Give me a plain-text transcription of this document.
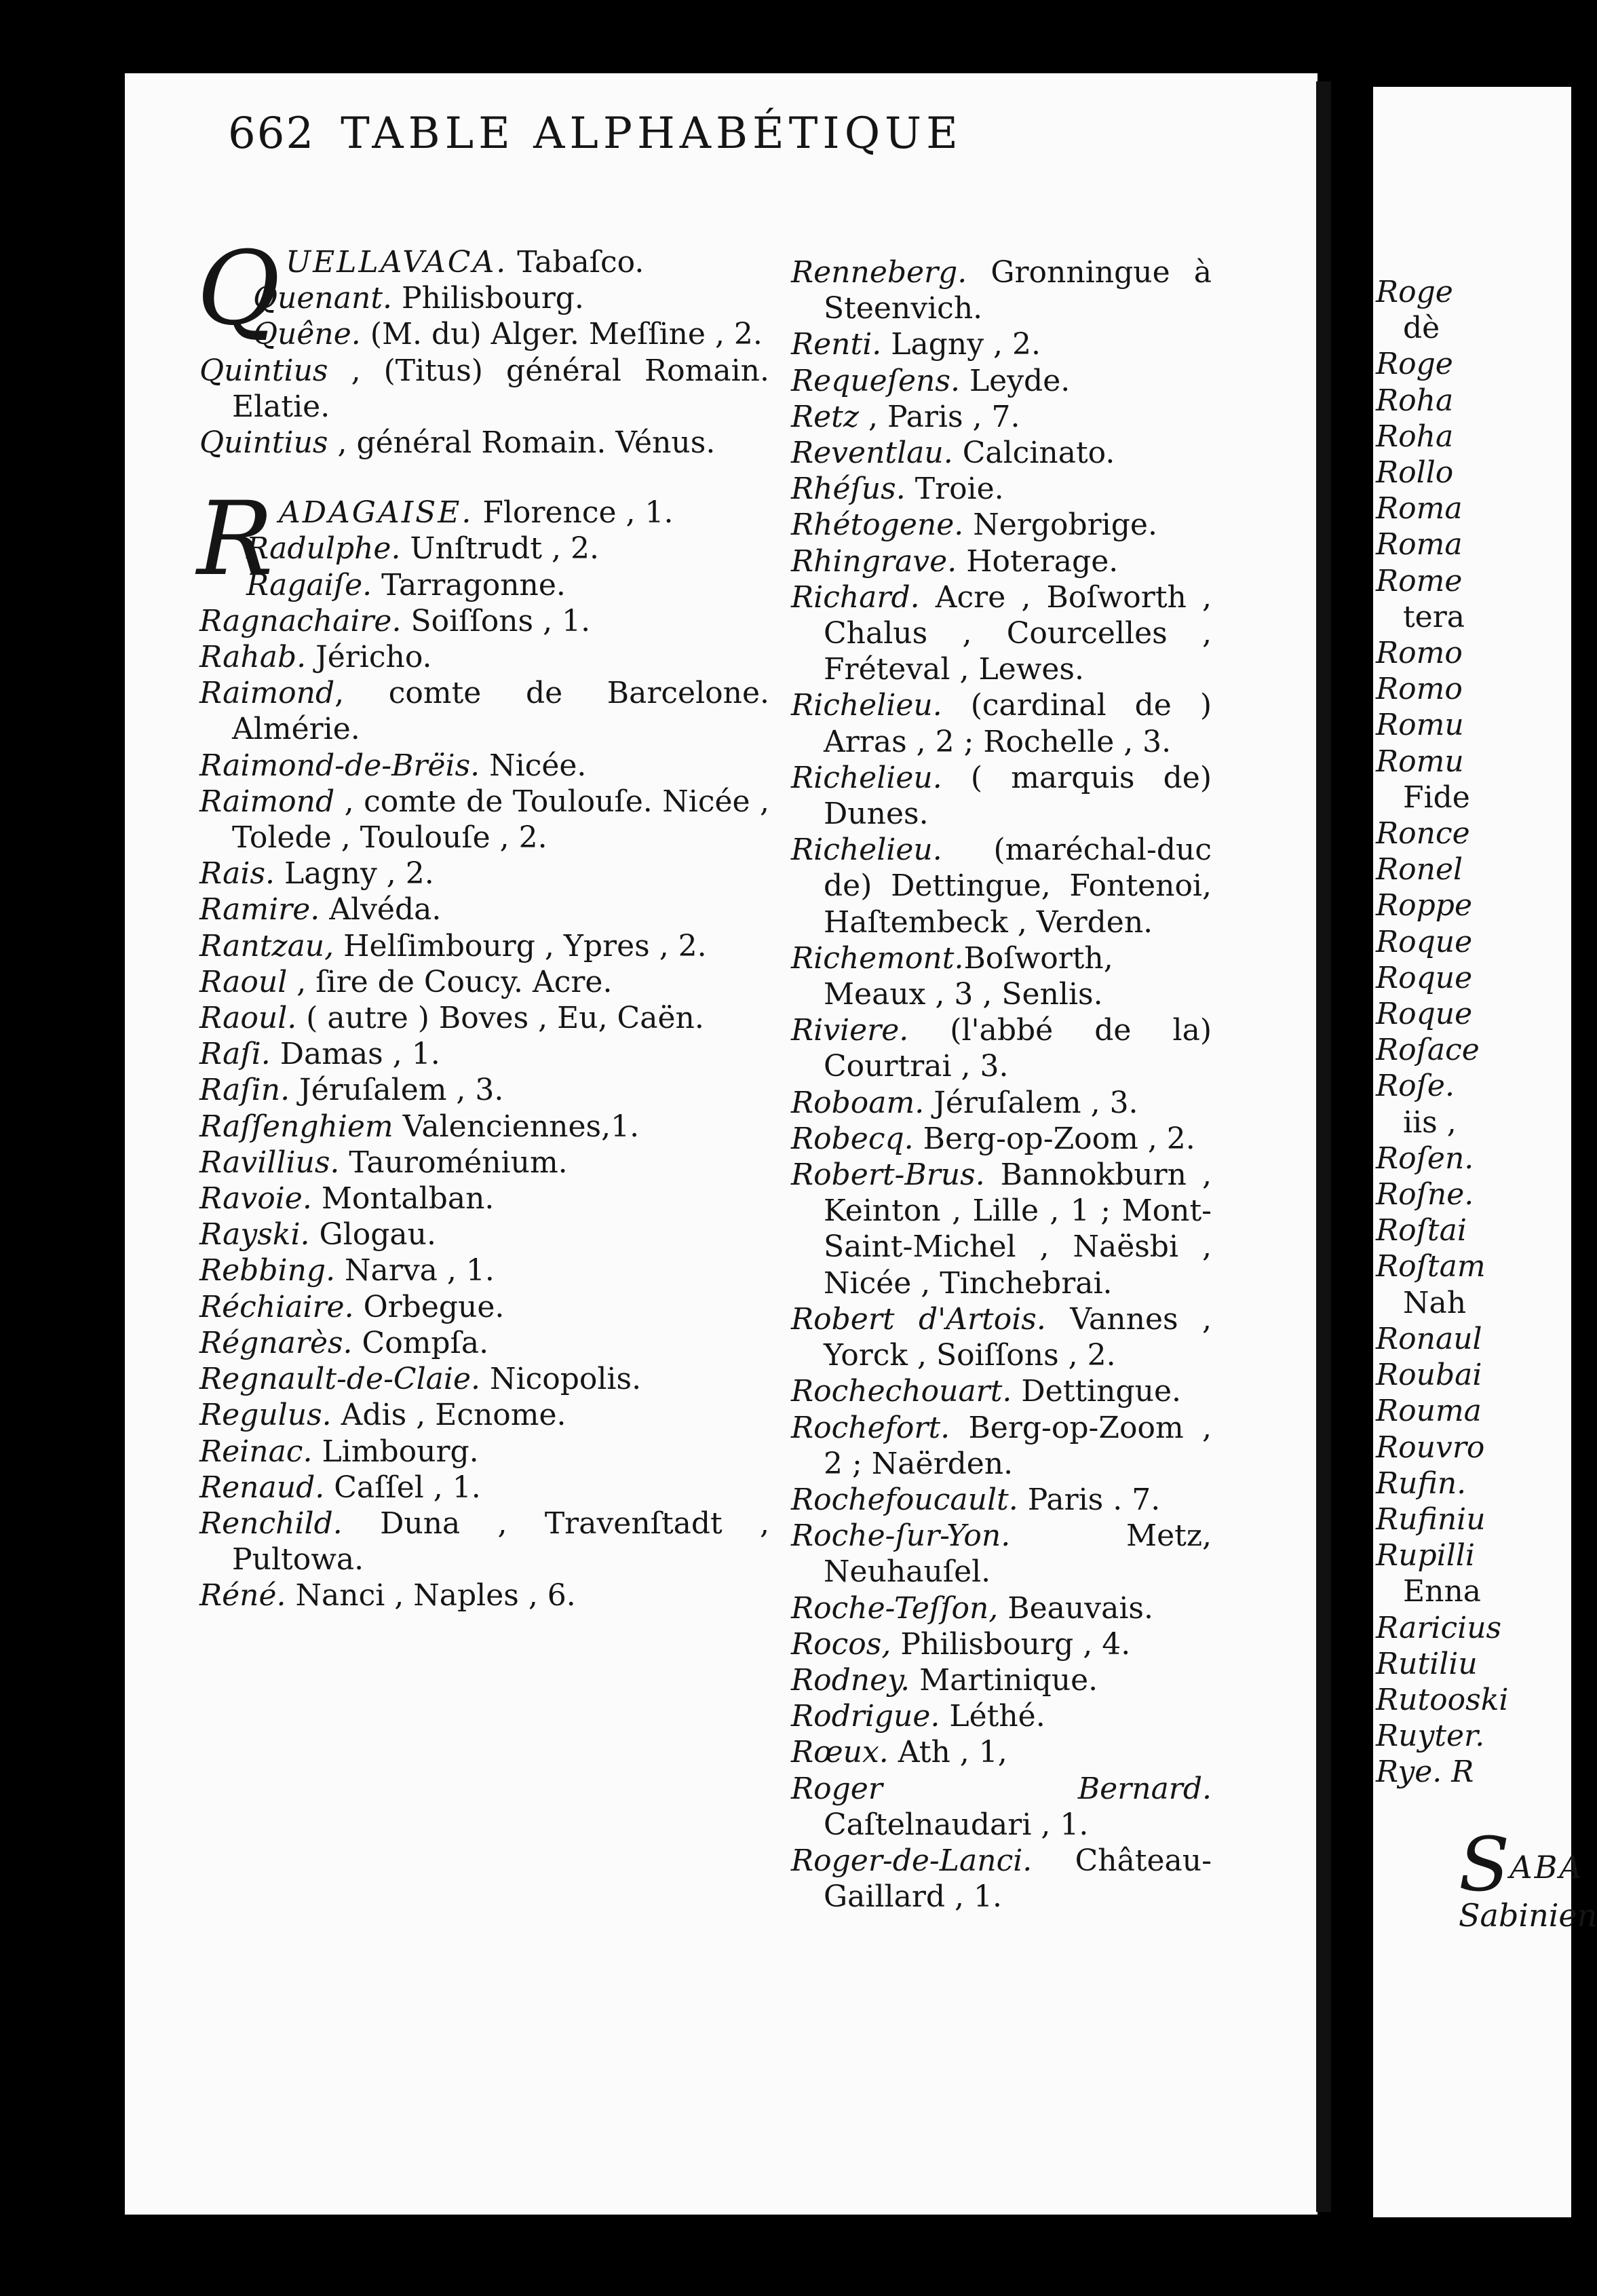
662 TABLE ALPHABÉTIQUE
QUELLAVACA. Tabaſco.
Quenant. Philisbourg.
Quêne. (M. du) Alger. Meſſine , 2.
Quintius , (Titus) général Romain. Elatie.
Quintius , général Romain. Vénus.
RADAGAISE. Florence , 1.
Radulphe. Unſtrudt , 2.
Ragaiſe. Tarragonne.
Ragnachaire. Soiſſons , 1.
Rahab. Jéricho.
Raimond, comte de Barcelone. Almérie.
Raimond-de-Brëis. Nicée.
Raimond , comte de Toulouſe. Nicée , Tolede , Toulouſe , 2.
Rais. Lagny , 2.
Ramire. Alvéda.
Rantzau, Helſimbourg , Ypres , 2.
Raoul , ſire de Coucy. Acre.
Raoul. ( autre ) Boves , Eu, Caën.
Raſi. Damas , 1.
Raſin. Jéruſalem , 3.
Raſſenghiem Valenciennes,1.
Ravillius. Tauroménium.
Ravoie. Montalban.
Rayski. Glogau.
Rebbing. Narva , 1.
Réchiaire. Orbegue.
Régnarès. Compſa.
Regnault-de-Claie. Nicopolis.
Regulus. Adis , Ecnome.
Reinac. Limbourg.
Renaud. Caſſel , 1.
Renchild. Duna , Travenſtadt , Pultowa.
Réné. Nanci , Naples , 6.
Renneberg. Gronningue à Steenvich.
Renti. Lagny , 2.
Requeſens. Leyde.
Retz , Paris , 7.
Reventlau. Calcinato.
Rhéſus. Troie.
Rhétogene. Nergobrige.
Rhingrave. Hoterage.
Richard. Acre , Boſworth , Chalus , Courcelles , Fréteval , Lewes.
Richelieu. (cardinal de ) Arras , 2 ; Rochelle , 3.
Richelieu. ( marquis de) Dunes.
Richelieu. (maréchal-duc de) Dettingue, Fontenoi, Haſtembeck , Verden.
Richemont.Boſworth, Meaux , 3 , Senlis.
Riviere. (l'abbé de la) Courtrai , 3.
Roboam. Jéruſalem , 3.
Robecq. Berg-op-Zoom , 2.
Robert-Brus. Bannokburn , Keinton , Lille , 1 ; Mont-Saint-Michel , Naësbi , Nicée , Tinchebrai.
Robert d'Artois. Vannes , Yorck , Soiſſons , 2.
Rochechouart. Dettingue.
Rochefort. Berg-op-Zoom , 2 ; Naërden.
Rochefoucault. Paris . 7.
Roche-ſur-Yon. Metz, Neuhauſel.
Roche-Teſſon, Beauvais.
Rocos, Philisbourg , 4.
Rodney. Martinique.
Rodrigue. Léthé.
Rœux. Ath , 1,
Roger Bernard. Caſtelnaudari , 1.
Roger-de-Lanci. Château-Gaillard , 1.
Roge
dè
Roge
Roha
Roha
Rollo
Roma
Roma
Rome
tera
Romo
Romo
Romu
Romu
Fide
Ronce
Ronel
Roppe
Roque
Roque
Roque
Roſace
Roſe.
iis ,
Roſen.
Roſne.
Roſtai
Roſtam
Nah
Ronaul
Roubai
Rouma
Rouvro
Rufin.
Rufiniu
Rupilli
Enna
Raricius
Rutiliu
Rutooski
Ruyter.
Rye. R
SABA
Sabinien
